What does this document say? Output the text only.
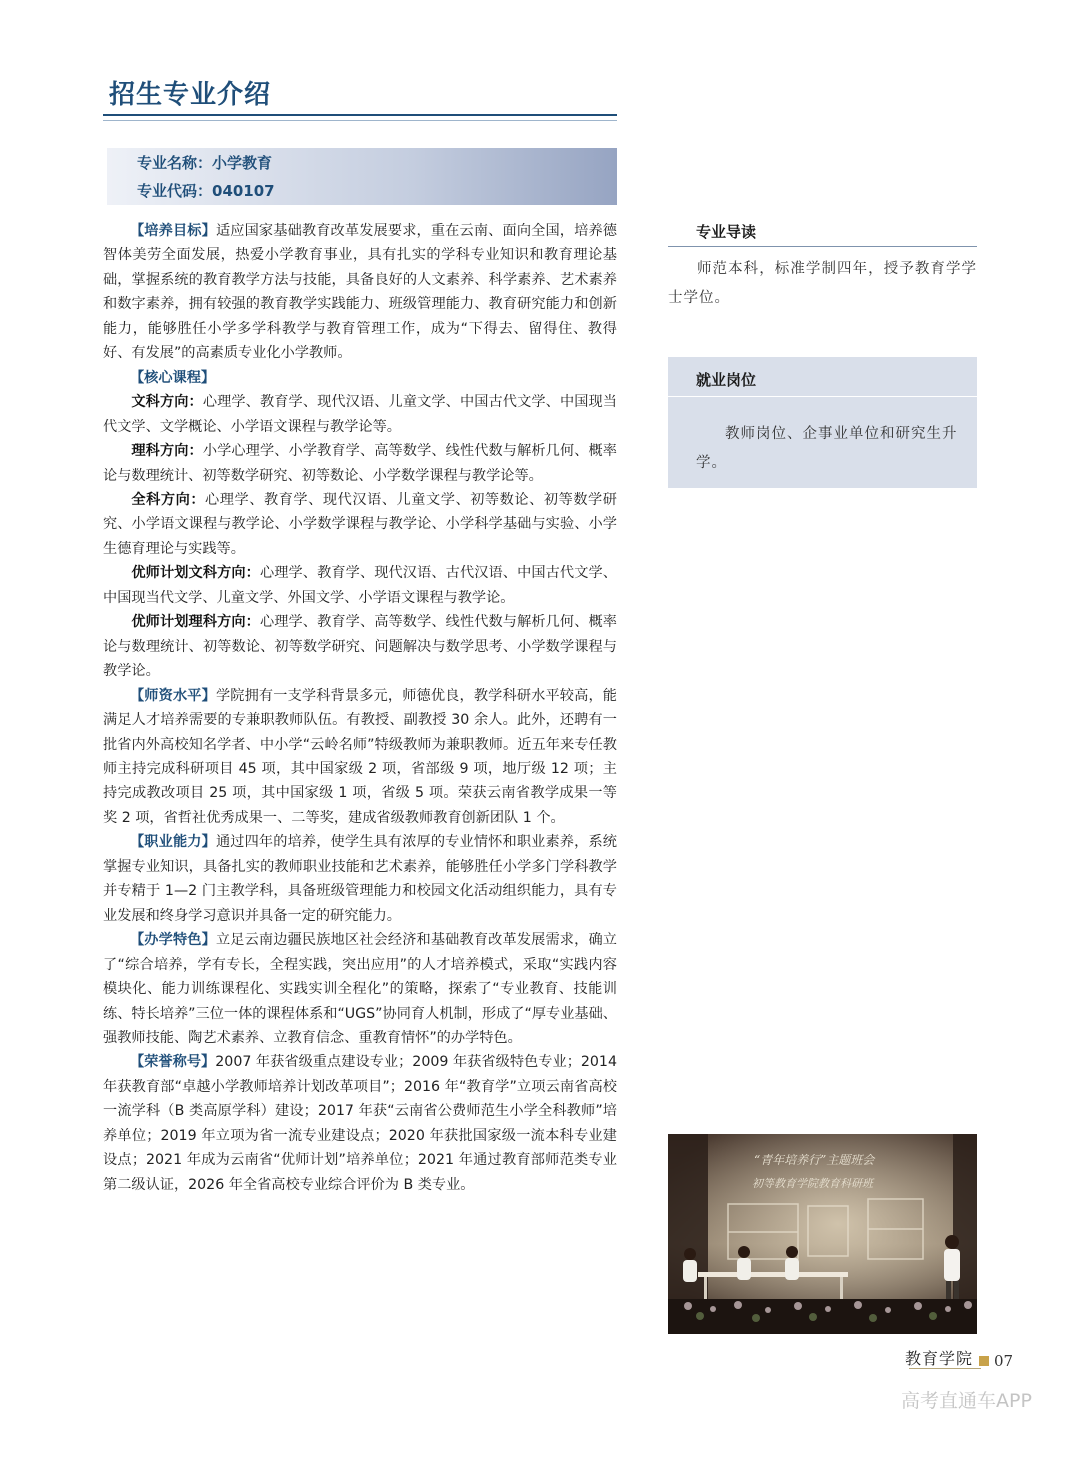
招生专业介绍
专业名称：小学教育
专业代码：040107

【培养目标】适应国家基础教育改革发展要求，重在云南、面向全国，培养德智体美劳全面发展，热爱小学教育事业，具有扎实的学科专业知识和教育理论基础，掌握系统的教育教学方法与技能，具备良好的人文素养、科学素养、艺术素养和数字素养，拥有较强的教育教学实践能力、班级管理能力、教育研究能力和创新能力，能够胜任小学多学科教学与教育管理工作，成为“下得去、留得住、教得好、有发展”的高素质专业化小学教师。

【核心课程】

文科方向：心理学、教育学、现代汉语、儿童文学、中国古代文学、中国现当代文学、文学概论、小学语文课程与教学论等。

理科方向：小学心理学、小学教育学、高等数学、线性代数与解析几何、概率论与数理统计、初等数学研究、初等数论、小学数学课程与教学论等。

全科方向：心理学、教育学、现代汉语、儿童文学、初等数论、初等数学研究、小学语文课程与教学论、小学数学课程与教学论、小学科学基础与实验、小学生德育理论与实践等。

优师计划文科方向：心理学、教育学、现代汉语、古代汉语、中国古代文学、中国现当代文学、儿童文学、外国文学、小学语文课程与教学论。

优师计划理科方向：心理学、教育学、高等数学、线性代数与解析几何、概率论与数理统计、初等数论、初等数学研究、问题解决与数学思考、小学数学课程与教学论。

【师资水平】学院拥有一支学科背景多元，师德优良，教学科研水平较高，能满足人才培养需要的专兼职教师队伍。有教授、副教授 30 余人。此外，还聘有一批省内外高校知名学者、中小学“云岭名师”特级教师为兼职教师。近五年来专任教师主持完成科研项目 45 项，其中国家级 2 项，省部级 9 项，地厅级 12 项；主持完成教改项目 25 项，其中国家级 1 项，省级 5 项。荣获云南省教学成果一等奖 2 项，省哲社优秀成果一、二等奖，建成省级教师教育创新团队 1 个。

【职业能力】通过四年的培养，使学生具有浓厚的专业情怀和职业素养，系统掌握专业知识，具备扎实的教师职业技能和艺术素养，能够胜任小学多门学科教学并专精于 1—2 门主教学科，具备班级管理能力和校园文化活动组织能力，具有专业发展和终身学习意识并具备一定的研究能力。

【办学特色】立足云南边疆民族地区社会经济和基础教育改革发展需求，确立了“综合培养，学有专长，全程实践，突出应用”的人才培养模式，采取“实践内容模块化、能力训练课程化、实践实训全程化”的策略，探索了“专业教育、技能训练、特长培养”三位一体的课程体系和“UGS”协同育人机制，形成了“厚专业基础、强教师技能、陶艺术素养、立教育信念、重教育情怀”的办学特色。

【荣誉称号】2007 年获省级重点建设专业；2009 年获省级特色专业；2014 年获教育部“卓越小学教师培养计划改革项目”；2016 年“教育学”立项云南省高校一流学科（B 类高原学科）建设；2017 年获“云南省公费师范生小学全科教师”培养单位；2019 年立项为省一流专业建设点；2020 年获批国家级一流本科专业建设点；2021 年成为云南省“优师计划”培养单位；2021 年通过教育部师范类专业第二级认证，2026 年全省高校专业综合评价为 B 类专业。

专业导读
师范本科，标准学制四年，授予教育学学士学位。
就业岗位
教师岗位、企事业单位和研究生升学。
“青年培养行”主题班会
初等教育学院教育科研班
教育学院 07
高考直通车APP
